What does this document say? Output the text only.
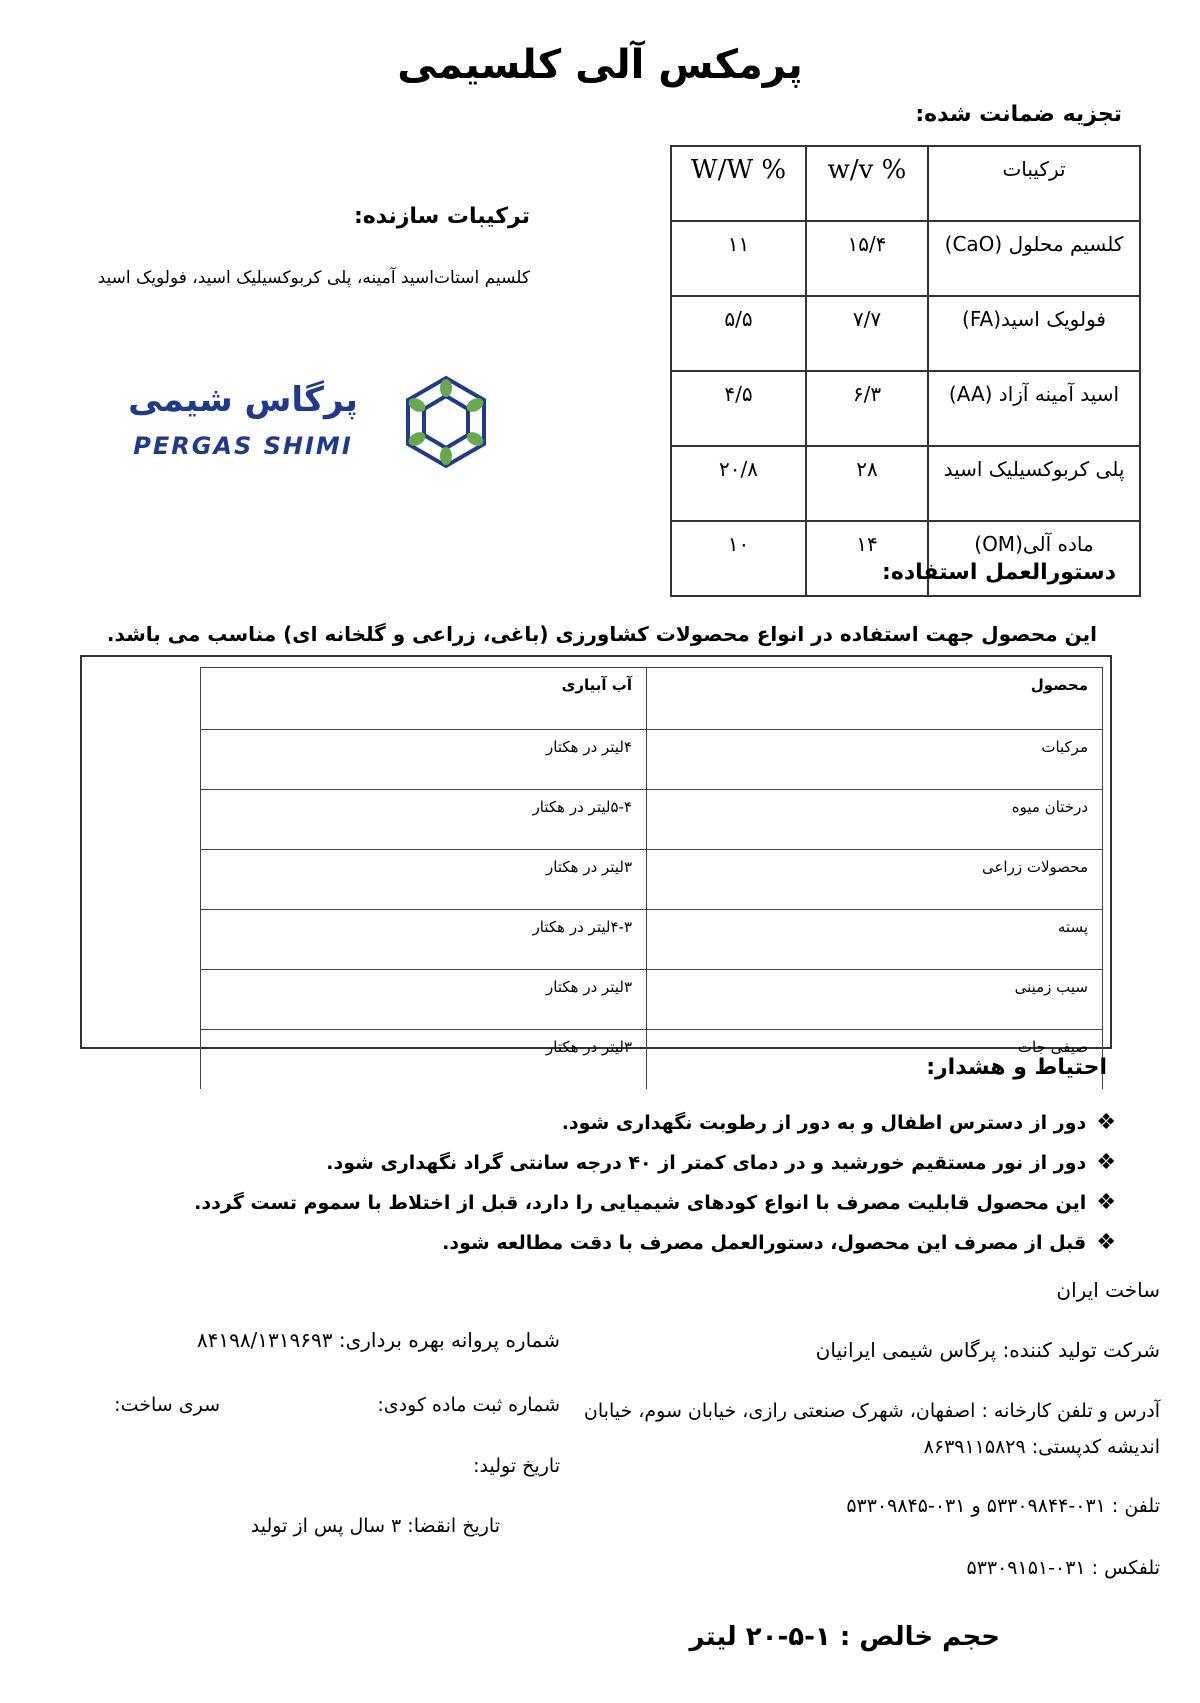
پرمکس آلی کلسیمی
تجزیه ضمانت شده:
ترکیبات	w/v %	W/W %
کلسیم محلول (CaO)	۱۵/۴	۱۱
فولویک اسید(FA)	۷/۷	۵/۵
اسید آمینه آزاد (AA)	۶/۳	۴/۵
پلی کربوکسیلیک اسید	۲۸	۲۰/۸
ماده آلی(OM)	۱۴	۱۰
ترکیبات سازنده:
کلسیم استات‌اسید آمینه، پلی کربوکسیلیک اسید، فولویک اسید
پرگاس شیمی
PERGAS SHIMI
دستورالعمل استفاده:
این محصول جهت استفاده در انواع محصولات کشاورزی (باغی، زراعی و گلخانه ای) مناسب می باشد.
محصول	آب آبیاری
مرکبات	۴لیتر در هکتار
درختان میوه	۵-۴لیتر در هکتار
محصولات زراعی	۳لیتر در هکتار
پسته	۴-۳لیتر در هکتار
سیب زمینی	۳لیتر در هکتار
صیفی جات	۳لیتر در هکتار
احتیاط و هشدار:
❖
دور از دسترس اطفال و به دور از رطوبت نگهداری شود.
❖
دور از نور مستقیم خورشید و در دمای کمتر از ۴۰ درجه سانتی گراد نگهداری شود.
❖
این محصول قابلیت مصرف با انواع کودهای شیمیایی را دارد، قبل از اختلاط با سموم تست گردد.
❖
قبل از مصرف این محصول، دستورالعمل مصرف با دقت مطالعه شود.
ساخت ایران
شرکت تولید کننده: پرگاس شیمی ایرانیان
آدرس و تلفن کارخانه : اصفهان، شهرک صنعتی رازی، خیابان سوم، خیابان
اندیشه کدپستی: ۸۶۳۹۱۱۵۸۲۹
تلفن : ۰۳۱-۵۳۳۰۹۸۴۴ و ۰۳۱-۵۳۳۰۹۸۴۵
تلفکس : ۰۳۱-۵۳۳۰۹۱۵۱
شماره پروانه بهره برداری: ۸۴۱۹۸/۱۳۱۹۶۹۳
شماره ثبت ماده کودی:
سری ساخت:
تاریخ تولید:
تاریخ انقضا: ۳ سال پس از تولید
حجم خالص : ۱-۵-۲۰ لیتر
